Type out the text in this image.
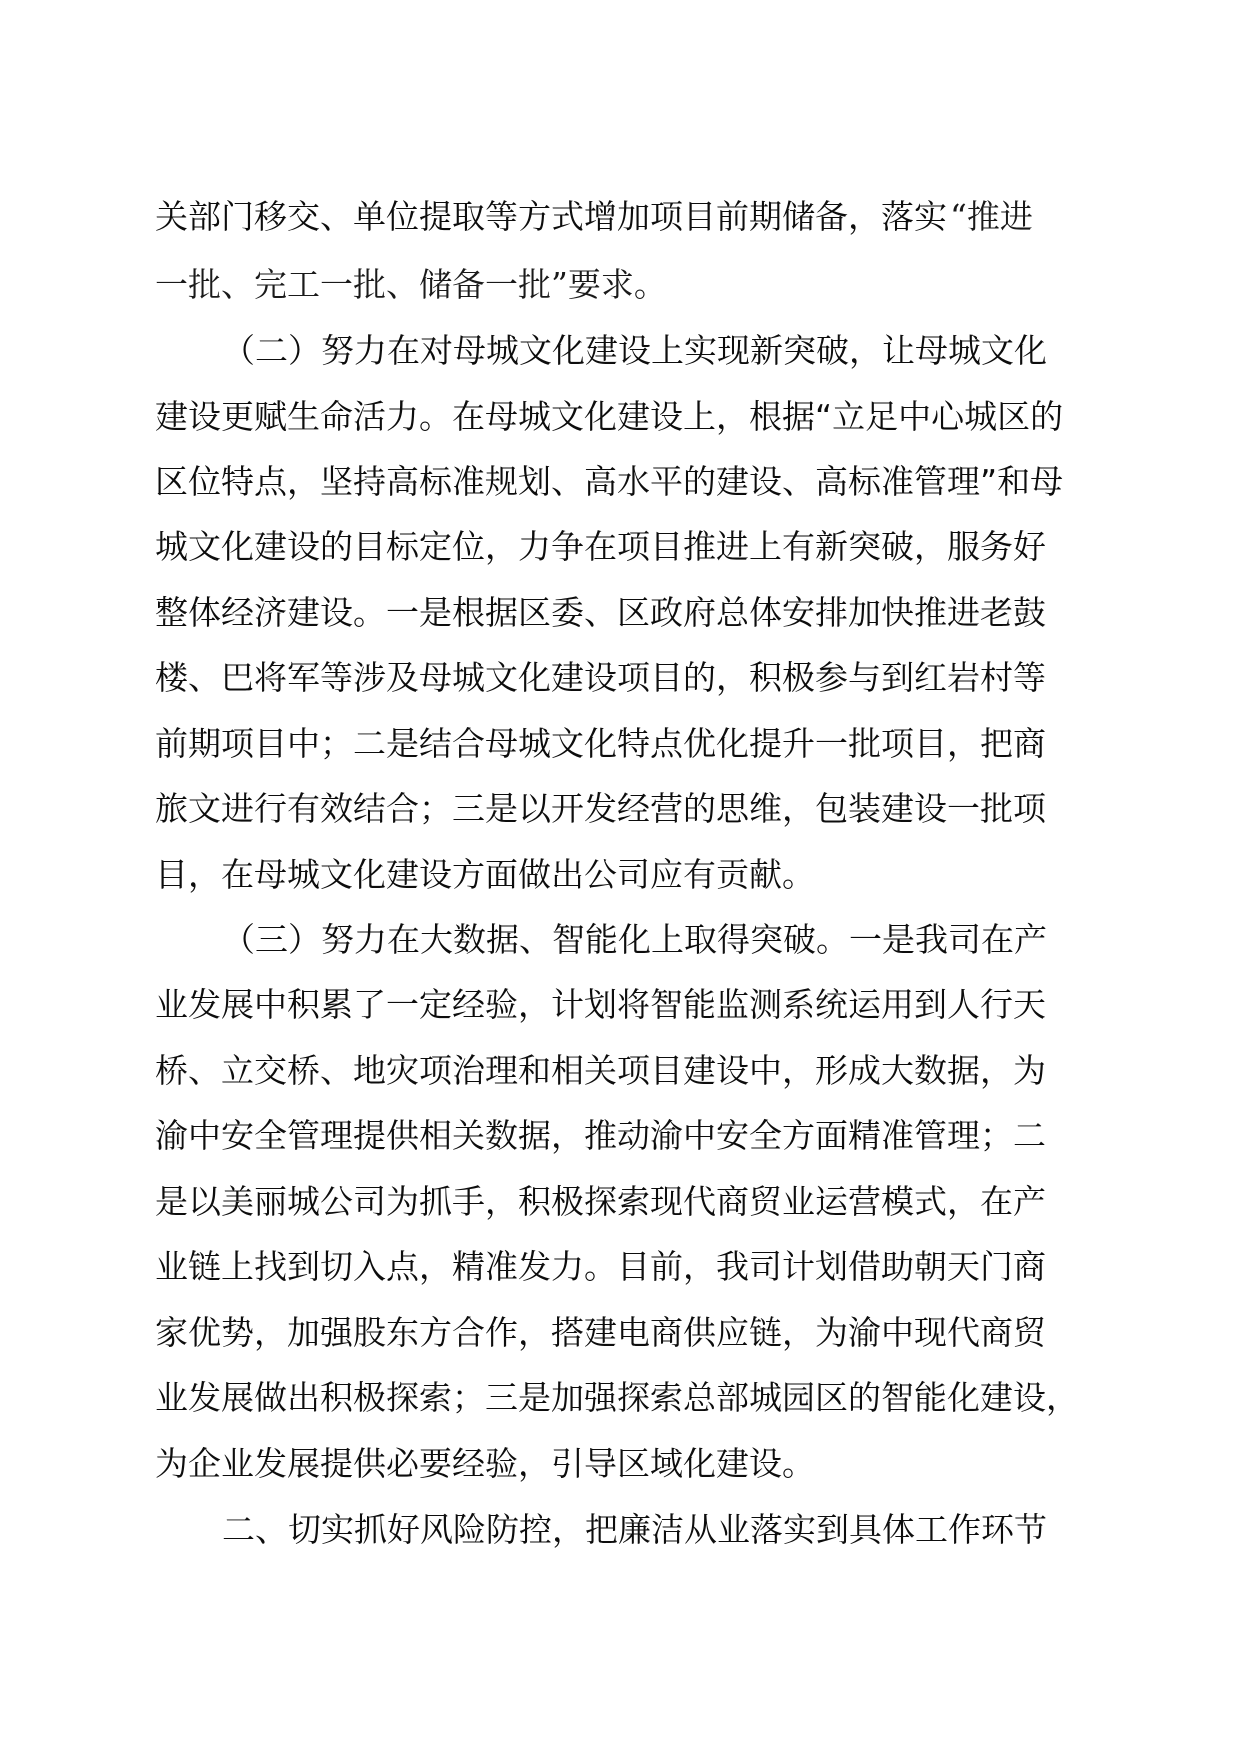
关部门移交、单位提取等方式增加项目前期储备，落实 “推进
一批、完工一批、储备一批”要求。
（二）努力在对母城文化建设上实现新突破，让母城文化
建设更赋生命活力。在母城文化建设上，根据“立足中心城区的
区位特点，坚持高标准规划、高水平的建设、高标准管理”和母
城文化建设的目标定位，力争在项目推进上有新突破，服务好
整体经济建设。一是根据区委、区政府总体安排加快推进老鼓
楼、巴将军等涉及母城文化建设项目的，积极参与到红岩村等
前期项目中；二是结合母城文化特点优化提升一批项目，把商
旅文进行有效结合；三是以开发经营的思维，包装建设一批项
目，在母城文化建设方面做出公司应有贡献。
（三）努力在大数据、智能化上取得突破。一是我司在产
业发展中积累了一定经验，计划将智能监测系统运用到人行天
桥、立交桥、地灾项治理和相关项目建设中，形成大数据，为
渝中安全管理提供相关数据，推动渝中安全方面精准管理；二
是以美丽城公司为抓手，积极探索现代商贸业运营模式，在产
业链上找到切入点，精准发力。目前，我司计划借助朝天门商
家优势，加强股东方合作，搭建电商供应链，为渝中现代商贸
业发展做出积极探索；三是加强探索总部城园区的智能化建设，
为企业发展提供必要经验，引导区域化建设。
二、切实抓好风险防控，把廉洁从业落实到具体工作环节
